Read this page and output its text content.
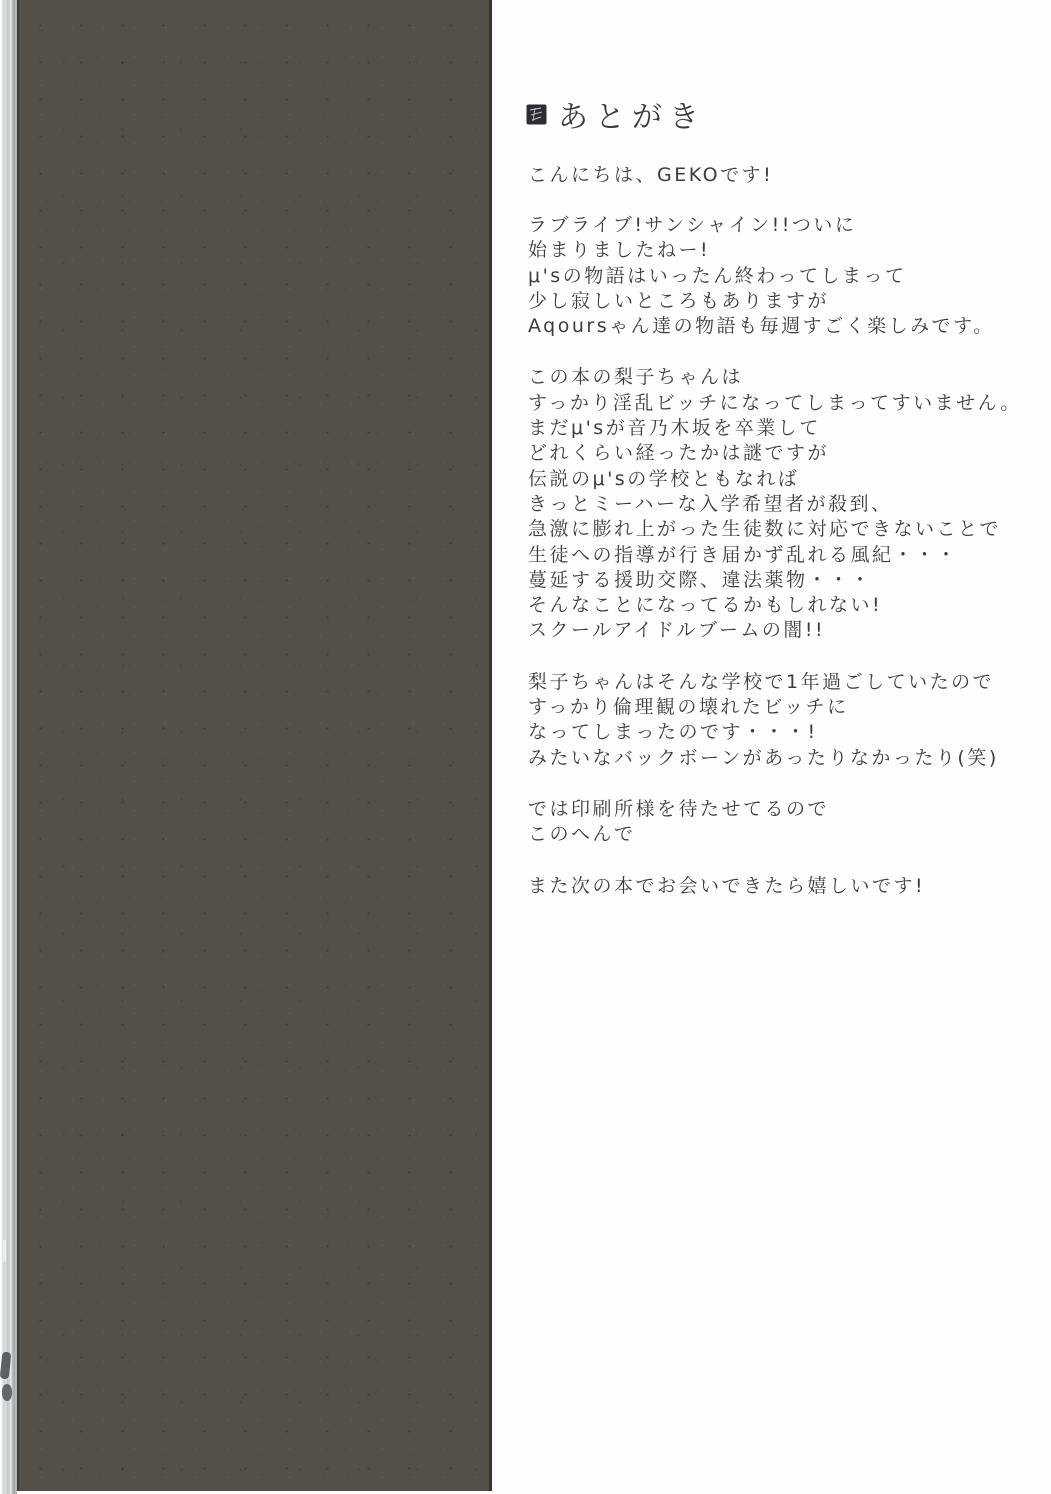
あとがき
こんにちは、GEKOです!
ラブライブ!サンシャイン!!ついに
始まりましたねー!
μ'sの物語はいったん終わってしまって
少し寂しいところもありますが
Aqoursゃん達の物語も毎週すごく楽しみです。
この本の梨子ちゃんは
すっかり淫乱ビッチになってしまってすいません。
まだμ'sが音乃木坂を卒業して
どれくらい経ったかは謎ですが
伝説のμ'sの学校ともなれば
きっとミーハーな入学希望者が殺到、
急激に膨れ上がった生徒数に対応できないことで
生徒への指導が行き届かず乱れる風紀・・・
蔓延する援助交際、違法薬物・・・
そんなことになってるかもしれない!
スクールアイドルブームの闇!!
梨子ちゃんはそんな学校で1年過ごしていたので
すっかり倫理観の壊れたビッチに
なってしまったのです・・・!
みたいなバックボーンがあったりなかったり(笑)
では印刷所様を待たせてるので
このへんで
また次の本でお会いできたら嬉しいです!
